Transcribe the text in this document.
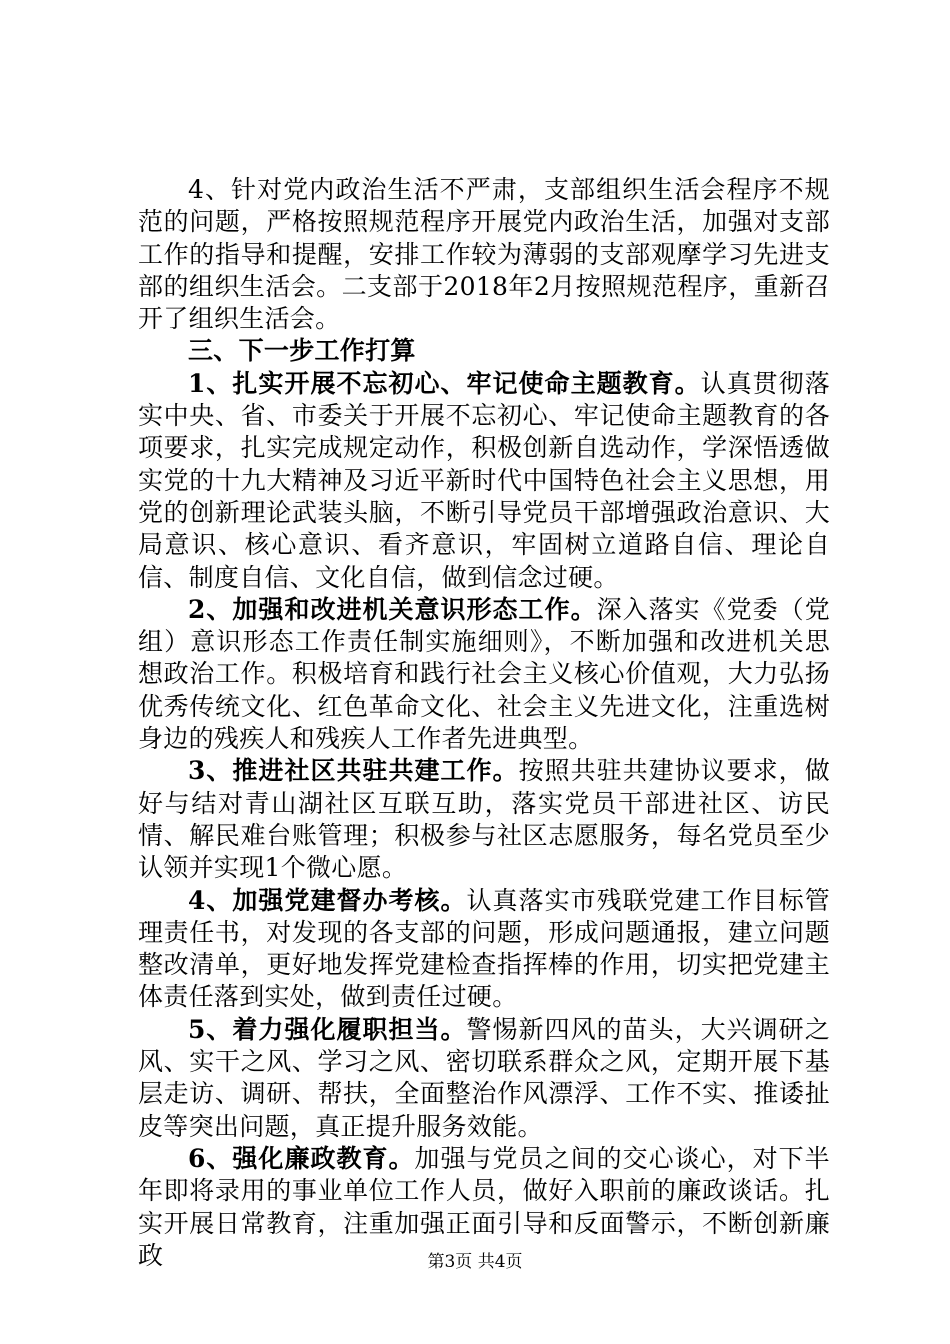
4、针对党内政治生活不严肃，支部组织生活会程序不规范的问题，严格按照规范程序开展党内政治生活，加强对支部工作的指导和提醒，安排工作较为薄弱的支部观摩学习先进支部的组织生活会。二支部于2018年2月按照规范程序，重新召开了组织生活会。

三、下一步工作打算

1、扎实开展不忘初心、牢记使命主题教育。认真贯彻落实中央、省、市委关于开展不忘初心、牢记使命主题教育的各项要求，扎实完成规定动作，积极创新自选动作，学深悟透做实党的十九大精神及习近平新时代中国特色社会主义思想，用党的创新理论武装头脑，不断引导党员干部增强政治意识、大局意识、核心意识、看齐意识，牢固树立道路自信、理论自信、制度自信、文化自信，做到信念过硬。

2、加强和改进机关意识形态工作。深入落实《党委（党组）意识形态工作责任制实施细则》，不断加强和改进机关思想政治工作。积极培育和践行社会主义核心价值观，大力弘扬优秀传统文化、红色革命文化、社会主义先进文化，注重选树身边的残疾人和残疾人工作者先进典型。

3、推进社区共驻共建工作。按照共驻共建协议要求，做好与结对青山湖社区互联互助，落实党员干部进社区、访民情、解民难台账管理；积极参与社区志愿服务，每名党员至少认领并实现1个微心愿。

4、加强党建督办考核。认真落实市残联党建工作目标管理责任书，对发现的各支部的问题，形成问题通报，建立问题整改清单，更好地发挥党建检查指挥棒的作用，切实把党建主体责任落到实处，做到责任过硬。

5、着力强化履职担当。警惕新四风的苗头，大兴调研之风、实干之风、学习之风、密切联系群众之风，定期开展下基层走访、调研、帮扶，全面整治作风漂浮、工作不实、推诿扯皮等突出问题，真正提升服务效能。

6、强化廉政教育。加强与党员之间的交心谈心，对下半年即将录用的事业单位工作人员，做好入职前的廉政谈话。扎实开展日常教育，注重加强正面引导和反面警示，不断创新廉政	第3页 共4页
